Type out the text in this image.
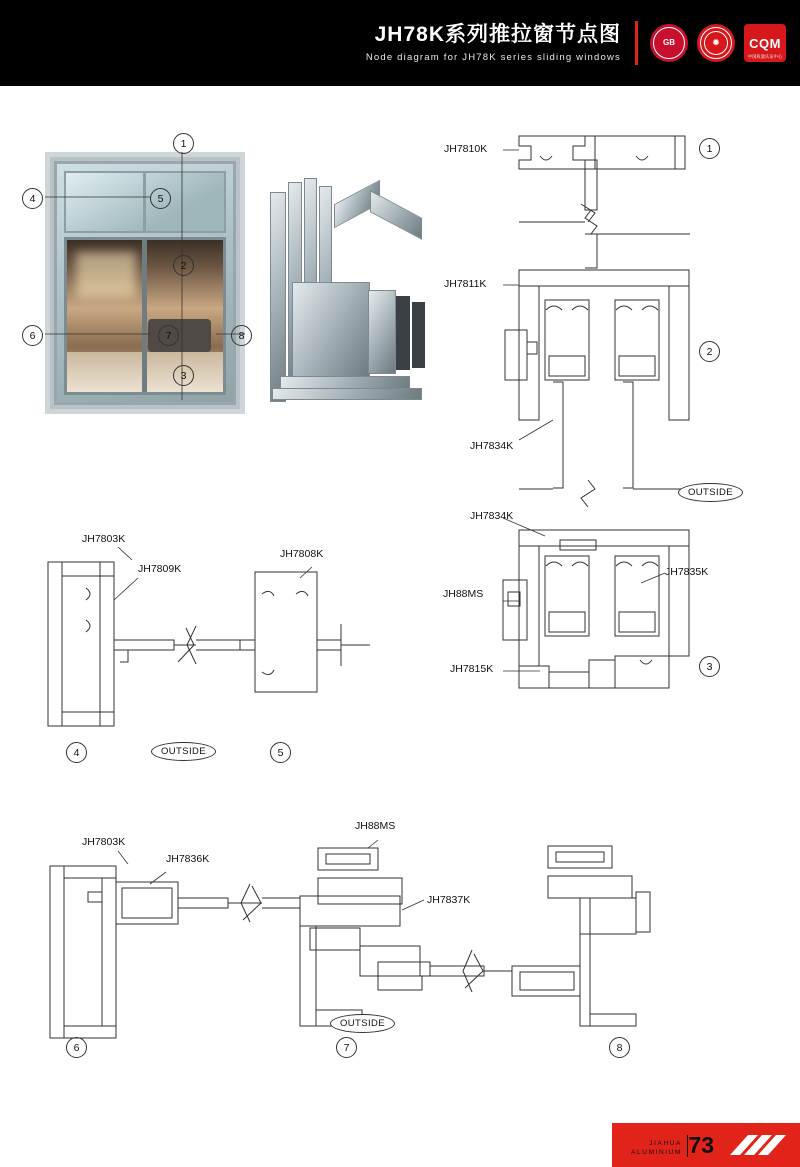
JH78K系列推拉窗节点图
Node diagram for JH78K series sliding windows
GB	✹ CQM
中国质量认证中心
JH7810K
JH7811K
JH7834K
JH7834K
JH7835K
JH88MS
JH7815K
JH7803K
JH7809K
JH7808K
JH7803K
JH7836K
JH88MS
JH7837K
OUTSIDE
OUTSIDE
OUTSIDE
1
4	5
2
6	7	8
3
1
2
3
4	5
6	7	8
JIAHUA
ALUMINIUM 73
